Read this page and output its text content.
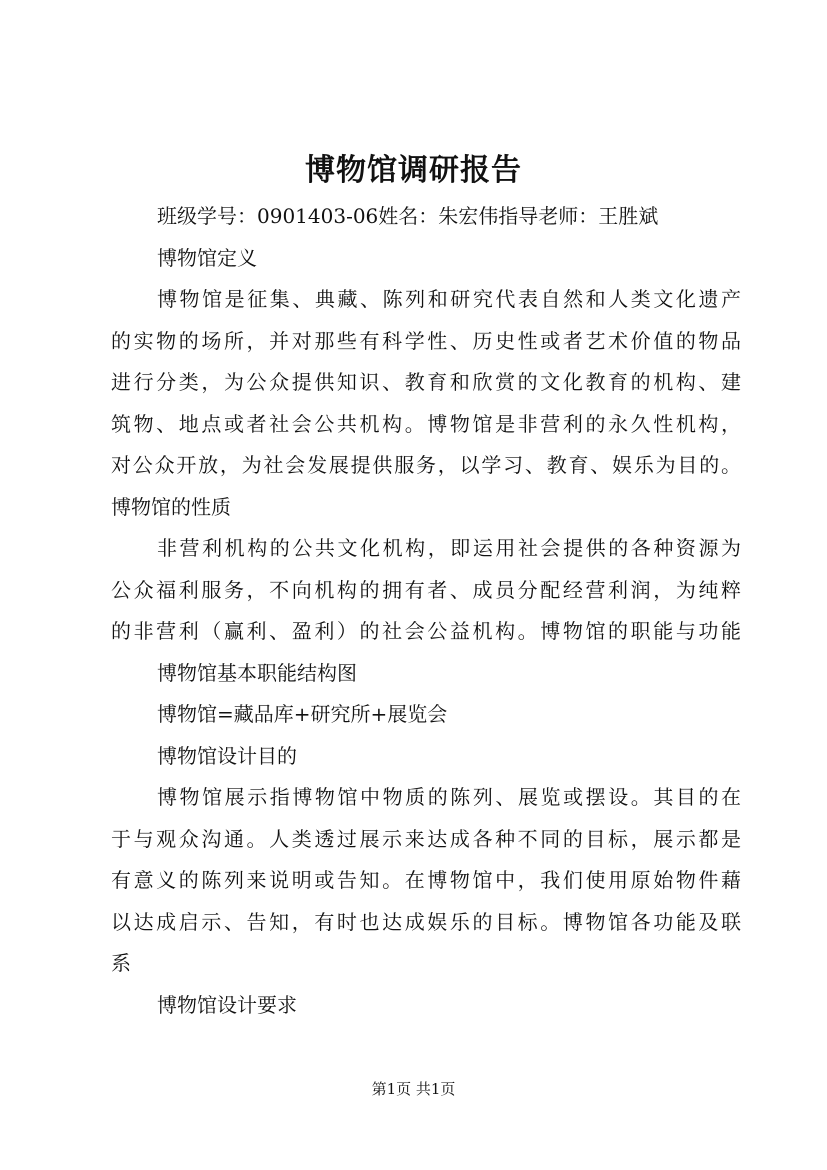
博物馆调研报告

班级学号：0901403-06姓名：朱宏伟指导老师：王胜斌

博物馆定义

博物馆是征集、典藏、陈列和研究代表自然和人类文化遗产

的实物的场所，并对那些有科学性、历史性或者艺术价值的物品

进行分类，为公众提供知识、教育和欣赏的文化教育的机构、建

筑物、地点或者社会公共机构。博物馆是非营利的永久性机构，

对公众开放，为社会发展提供服务，以学习、教育、娱乐为目的。

博物馆的性质

非营利机构的公共文化机构，即运用社会提供的各种资源为

公众福利服务，不向机构的拥有者、成员分配经营利润，为纯粹

的非营利（赢利、盈利）的社会公益机构。博物馆的职能与功能

博物馆基本职能结构图

博物馆=藏品库+研究所+展览会

博物馆设计目的

博物馆展示指博物馆中物质的陈列、展览或摆设。其目的在

于与观众沟通。人类透过展示来达成各种不同的目标，展示都是

有意义的陈列来说明或告知。在博物馆中，我们使用原始物件藉

以达成启示、告知，有时也达成娱乐的目标。博物馆各功能及联

系

博物馆设计要求

第1页 共1页
